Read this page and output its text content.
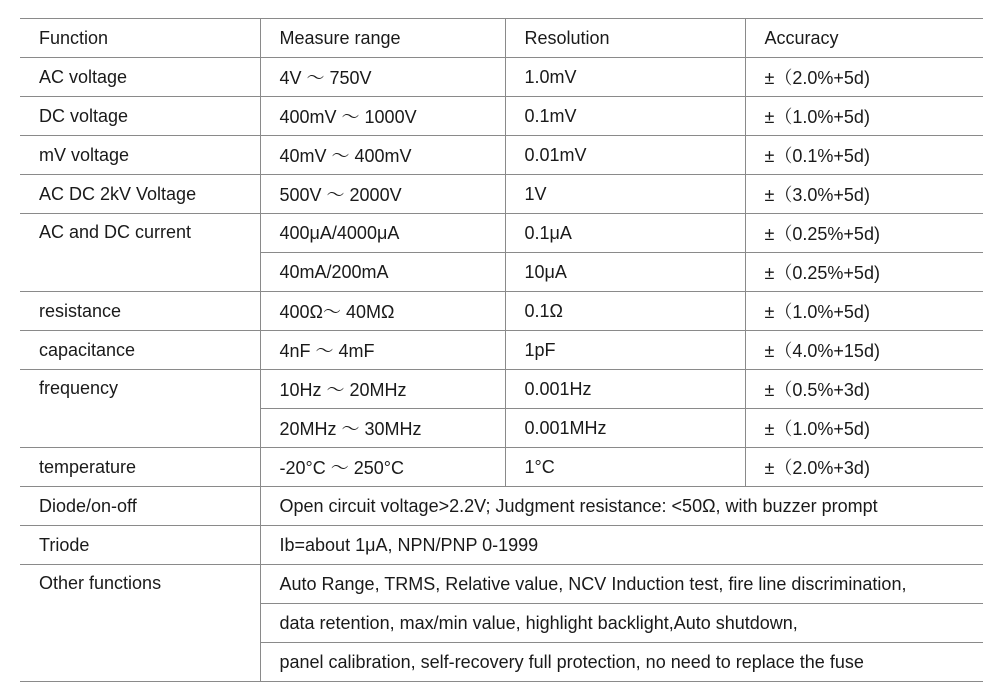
Function	Measure range	Resolution	Accuracy
AC voltage	4V ～ 750V	1.0mV	±（2.0%+5d)
DC voltage	400mV ～ 1000V	0.1mV	±（1.0%+5d)
mV voltage	40mV ～ 400mV	0.01mV	±（0.1%+5d)
AC DC 2kV Voltage	500V ～ 2000V	1V	±（3.0%+5d)
AC and DC current	400μA/4000μA	0.1μA	±（0.25%+5d)
	40mA/200mA	10μA	±（0.25%+5d)
resistance	400Ω～ 40MΩ	0.1Ω	±（1.0%+5d)
capacitance	4nF ～ 4mF	1pF	±（4.0%+15d)
frequency	10Hz ～ 20MHz	0.001Hz	±（0.5%+3d)
	20MHz ～ 30MHz	0.001MHz	±（1.0%+5d)
temperature	-20°C ～ 250°C	1°C	±（2.0%+3d)
Diode/on-off	Open circuit voltage>2.2V; Judgment resistance: <50Ω, with buzzer prompt		
Triode	Ib=about 1μA, NPN/PNP 0-1999		
Other functions	Auto Range, TRMS, Relative value, NCV Induction test, fire line discrimination,		
	data retention, max/min value, highlight backlight,Auto shutdown,		
	panel calibration, self-recovery full protection, no need to replace the fuse		
